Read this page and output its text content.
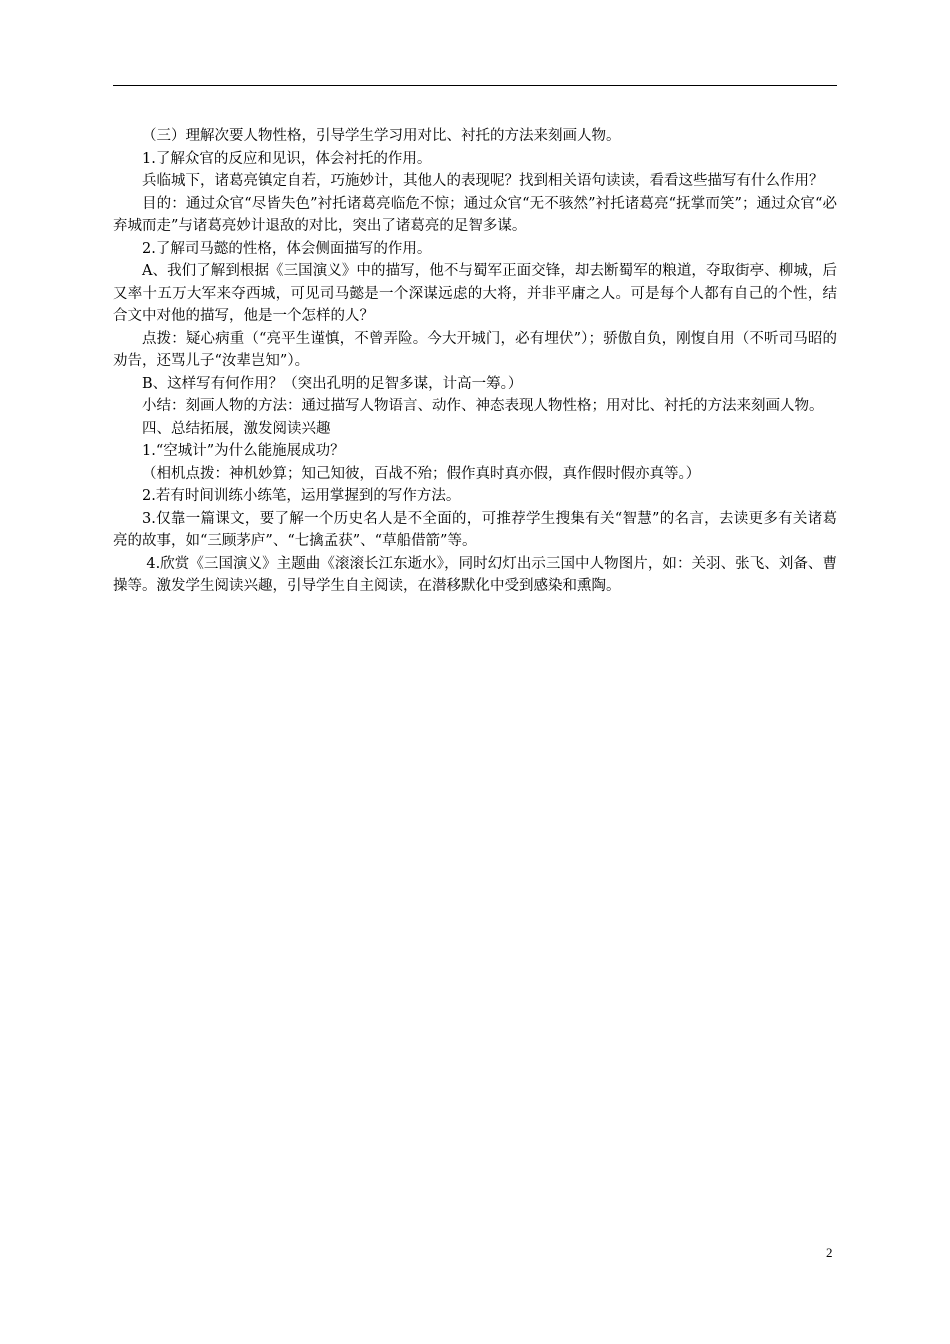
（三）理解次要人物性格，引导学生学习用对比、衬托的方法来刻画人物。

1.了解众官的反应和见识，体会衬托的作用。

兵临城下，诸葛亮镇定自若，巧施妙计，其他人的表现呢？找到相关语句读读，看看这些描写有什么作用？

目的：通过众官“尽皆失色”衬托诸葛亮临危不惊；通过众官“无不骇然”衬托诸葛亮“抚掌而笑”；通过众官“必弃城而走”与诸葛亮妙计退敌的对比，突出了诸葛亮的足智多谋。

2.了解司马懿的性格，体会侧面描写的作用。

A、我们了解到根据《三国演义》中的描写，他不与蜀军正面交锋，却去断蜀军的粮道，夺取街亭、柳城，后又率十五万大军来夺西城，可见司马懿是一个深谋远虑的大将，并非平庸之人。可是每个人都有自己的个性，结合文中对他的描写，他是一个怎样的人？

点拨：疑心病重（“亮平生谨慎，不曾弄险。今大开城门，必有埋伏”）；骄傲自负，刚愎自用（不听司马昭的劝告，还骂儿子“汝辈岂知”）。

B、这样写有何作用？（突出孔明的足智多谋，计高一筹。）

小结：刻画人物的方法：通过描写人物语言、动作、神态表现人物性格；用对比、衬托的方法来刻画人物。

四、总结拓展，激发阅读兴趣

1.“空城计”为什么能施展成功？

（相机点拨：神机妙算；知己知彼，百战不殆；假作真时真亦假，真作假时假亦真等。）

2.若有时间训练小练笔，运用掌握到的写作方法。

3.仅靠一篇课文，要了解一个历史名人是不全面的，可推荐学生搜集有关“智慧”的名言，去读更多有关诸葛亮的故事，如“三顾茅庐”、“七擒孟获”、“草船借箭”等。

4.欣赏《三国演义》主题曲《滚滚长江东逝水》，同时幻灯出示三国中人物图片，如：关羽、张飞、刘备、曹操等。激发学生阅读兴趣，引导学生自主阅读，在潜移默化中受到感染和熏陶。

2
